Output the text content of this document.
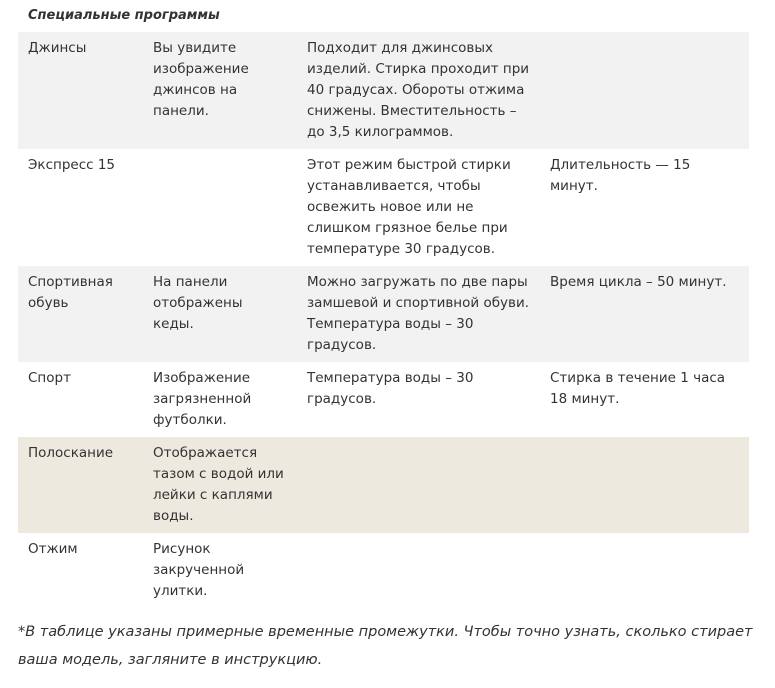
Специальные программы

Джинсы	Вы увидите изображение джинсов на панели.	Подходит для джинсовых изделий. Стирка проходит при 40 градусах. Обороты отжима снижены. Вместительность – до 3,5 килограммов.	
Экспресс 15		Этот режим быстрой стирки устанавливается, чтобы освежить новое или не слишком грязное белье при температуре 30 градусов.	Длительность — 15 минут.
Спортивная обувь	На панели отображены кеды.	Можно загружать по две пары замшевой и спортивной обуви. Температура воды – 30 градусов.	Время цикла – 50 минут.
Спорт	Изображение загрязненной футболки.	Температура воды – 30 градусов.	Стирка в течение 1 часа 18 минут.
Полоскание	Отображается тазом с водой или лейки с каплями воды.		
Отжим	Рисунок закрученной улитки.		

*В таблице указаны примерные временные промежутки. Чтобы точно узнать, сколько стирает ваша модель, загляните в инструкцию.
